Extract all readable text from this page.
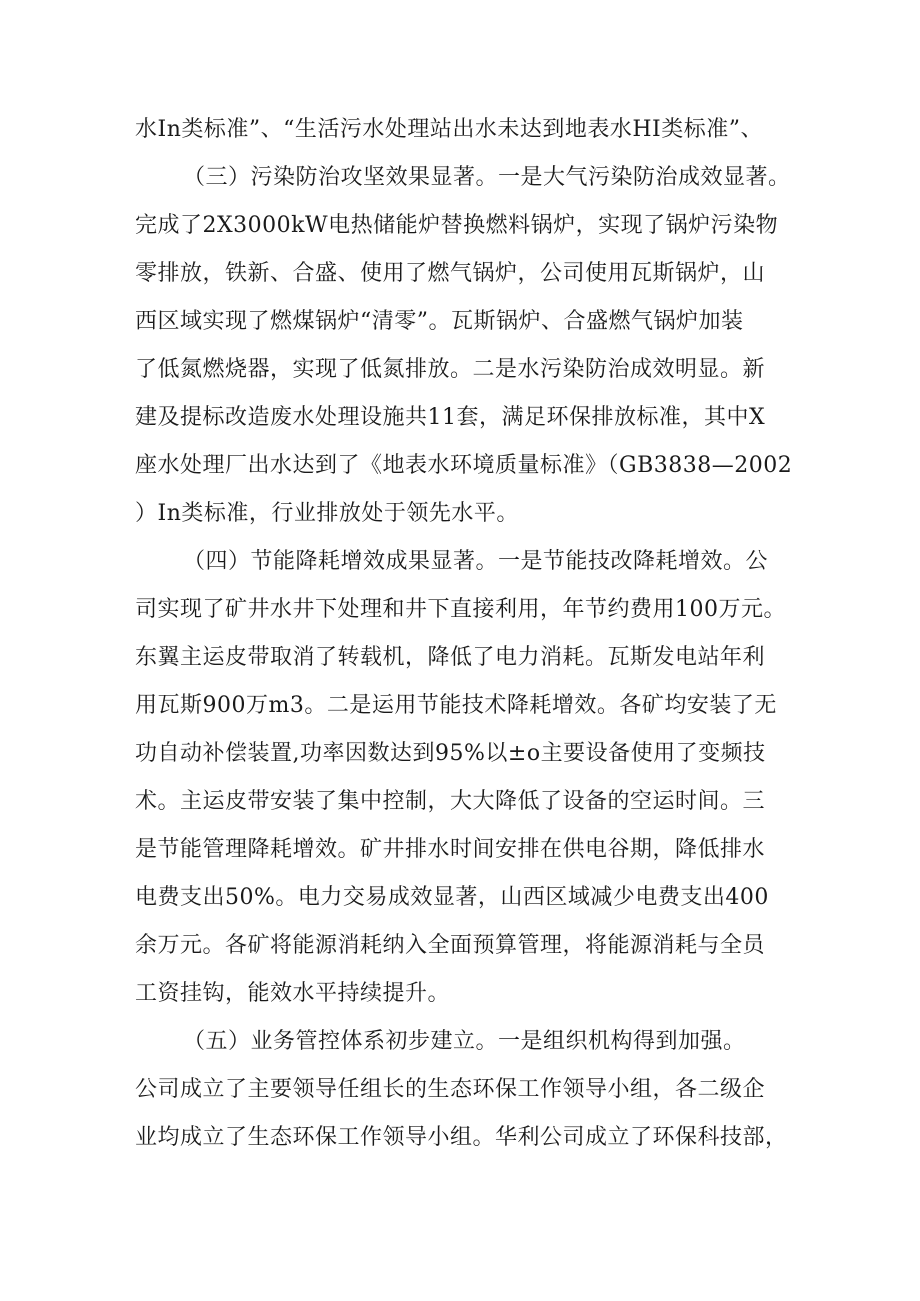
水In类标准”、“生活污水处理站出水未达到地表水HI类标准”、
（三）污染防治攻坚效果显著。一是大气污染防治成效显著。
完成了2X3000kW电热储能炉替换燃料锅炉，实现了锅炉污染物
零排放，铁新、合盛、使用了燃气锅炉，公司使用瓦斯锅炉，山
西区域实现了燃煤锅炉“清零”。瓦斯锅炉、合盛燃气锅炉加装
了低氮燃烧器，实现了低氮排放。二是水污染防治成效明显。新
建及提标改造废水处理设施共11套，满足环保排放标准，其中X
座水处理厂出水达到了《地表水环境质量标准》（GB3838—2002
）In类标准，行业排放处于领先水平。
（四）节能降耗增效成果显著。一是节能技改降耗增效。公
司实现了矿井水井下处理和井下直接利用，年节约费用100万元。
东翼主运皮带取消了转载机，降低了电力消耗。瓦斯发电站年利
用瓦斯900万m3。二是运用节能技术降耗增效。各矿均安装了无
功自动补偿装置,功率因数达到95%以±o主要设备使用了变频技
术。主运皮带安装了集中控制，大大降低了设备的空运时间。三
是节能管理降耗增效。矿井排水时间安排在供电谷期，降低排水
电费支出50%。电力交易成效显著，山西区域减少电费支出400
余万元。各矿将能源消耗纳入全面预算管理，将能源消耗与全员
工资挂钩，能效水平持续提升。
（五）业务管控体系初步建立。一是组织机构得到加强。
公司成立了主要领导任组长的生态环保工作领导小组，各二级企
业均成立了生态环保工作领导小组。华利公司成立了环保科技部，
